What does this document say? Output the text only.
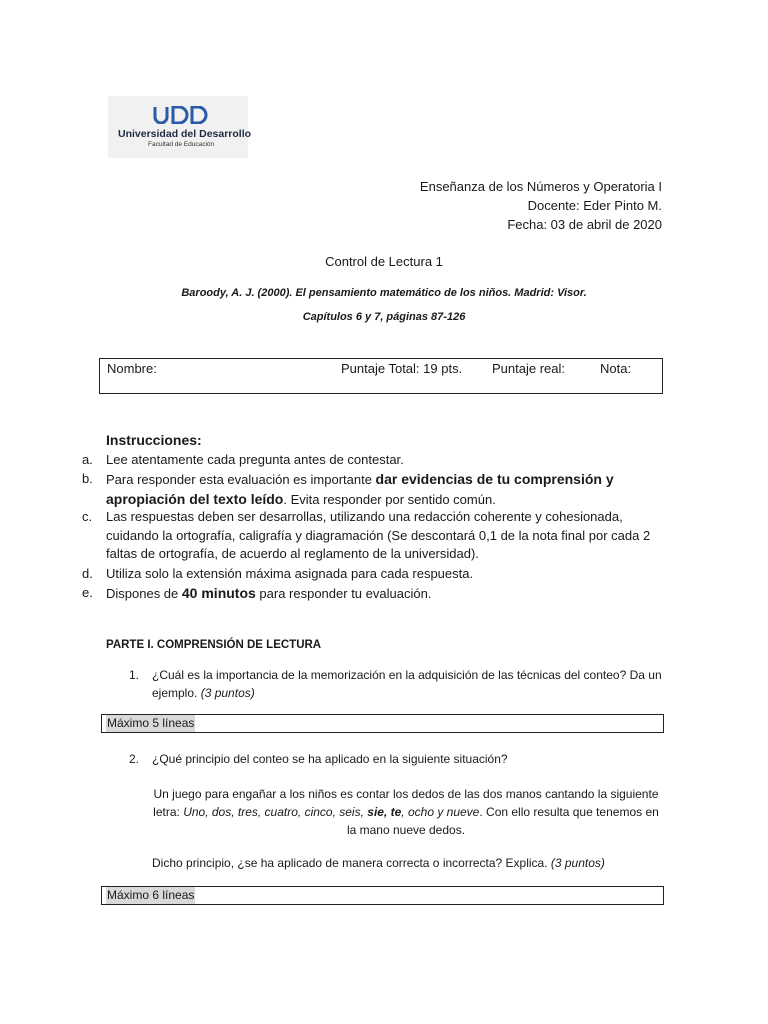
Universidad del Desarrollo
Facultad de Educación
Enseñanza de los Números y Operatoria I
Docente: Eder Pinto M.
Fecha: 03 de abril de 2020
Control de Lectura 1
Baroody, A. J. (2000). El pensamiento matemático de los niños. Madrid: Visor.
Capítulos 6 y 7, páginas 87-126
Nombre:	Puntaje Total: 19 pts. Puntaje real:	Nota:
Instrucciones:
a. Lee atentamente cada pregunta antes de contestar.
b. Para responder esta evaluación es importante dar evidencias de tu comprensión y apropiación del texto leído. Evita responder por sentido común.
c. Las respuestas deben ser desarrollas, utilizando una redacción coherente y cohesionada, cuidando la ortografía, caligrafía y diagramación (Se descontará 0,1 de la nota final por cada 2 faltas de ortografía, de acuerdo al reglamento de la universidad).
d. Utiliza solo la extensión máxima asignada para cada respuesta.
e. Dispones de 40 minutos para responder tu evaluación.
PARTE I. COMPRENSIÓN DE LECTURA
1. ¿Cuál es la importancia de la memorización en la adquisición de las técnicas del conteo? Da un ejemplo. (3 puntos)
Máximo 5 líneas
2. ¿Qué principio del conteo se ha aplicado en la siguiente situación?
Un juego para engañar a los niños es contar los dedos de las dos manos cantando la siguiente letra: Uno, dos, tres, cuatro, cinco, seis, sie, te, ocho y nueve. Con ello resulta que tenemos en la mano nueve dedos.
Dicho principio, ¿se ha aplicado de manera correcta o incorrecta? Explica. (3 puntos)
Máximo 6 líneas
